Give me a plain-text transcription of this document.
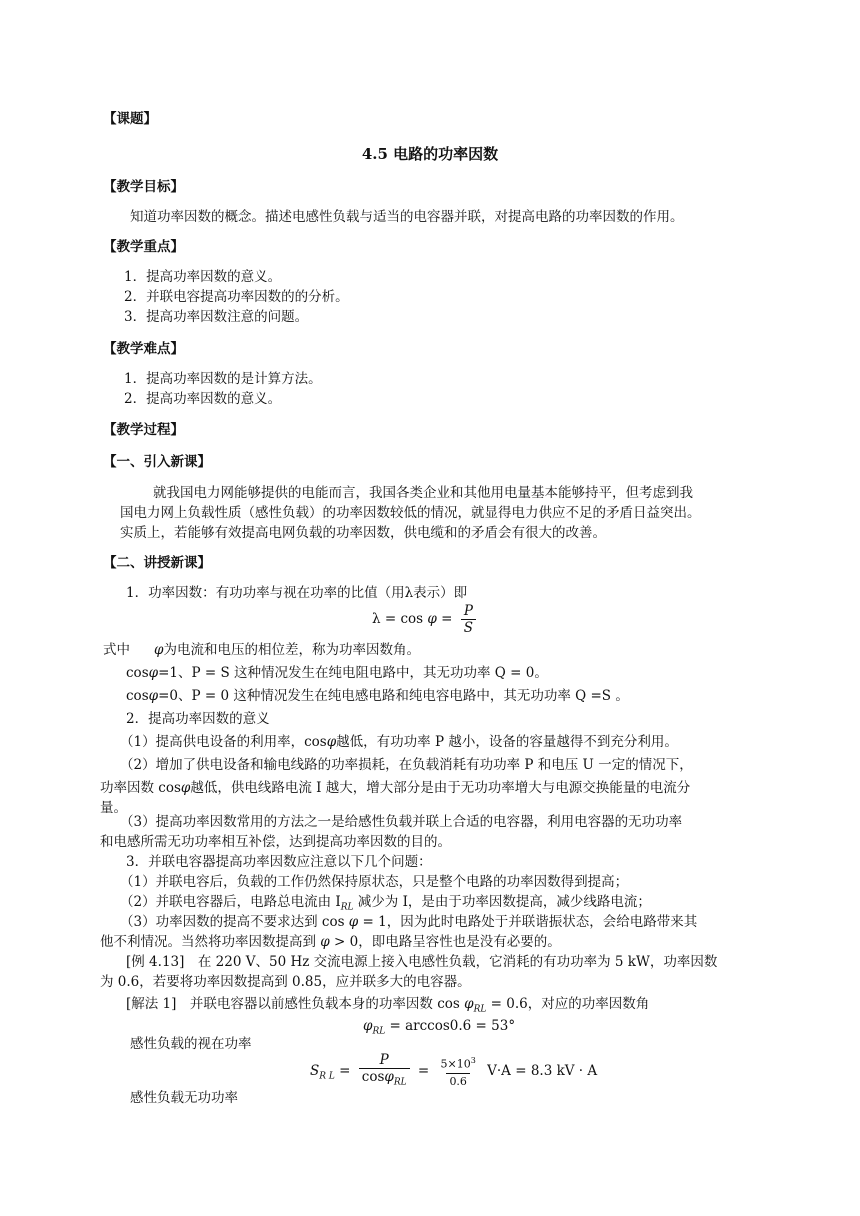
【课题】
4.5 电路的功率因数
【教学目标】
知道功率因数的概念。描述电感性负载与适当的电容器并联，对提高电路的功率因数的作用。
【教学重点】
1．提高功率因数的意义。
2．并联电容提高功率因数的的分析。
3．提高功率因数注意的问题。
【教学难点】
1．提高功率因数的是计算方法。
2．提高功率因数的意义。
【教学过程】
【一、引入新课】
就我国电力网能够提供的电能而言，我国各类企业和其他用电量基本能够持平，但考虑到我
国电力网上负载性质（感性负载）的功率因数较低的情况，就显得电力供应不足的矛盾日益突出。
实质上，若能够有效提高电网负载的功率因数，供电缆和的矛盾会有很大的改善。
【二、讲授新课】
1．功率因数：有功功率与视在功率的比值（用λ表示）即
$\lambda = \cos \varphi = \frac{P}{S}$
式中 φ为电流和电压的相位差，称为功率因数角。
cosφ=1、P = S 这种情况发生在纯电阻电路中，其无功功率 Q = 0。
cosφ=0、P = 0 这种情况发生在纯电感电路和纯电容电路中，其无功功率 Q =S 。
2．提高功率因数的意义
（1）提高供电设备的利用率，cosφ越低，有功功率 P 越小，设备的容量越得不到充分利用。
（2）增加了供电设备和输电线路的功率损耗，在负载消耗有功功率 P 和电压 U 一定的情况下，
功率因数 cosφ越低，供电线路电流 I 越大，增大部分是由于无功功率增大与电源交换能量的电流分
量。
（3）提高功率因数常用的方法之一是给感性负载并联上合适的电容器，利用电容器的无功功率
和电感所需无功功率相互补偿，达到提高功率因数的目的。
3．并联电容器提高功率因数应注意以下几个问题：
（1）并联电容后，负载的工作仍然保持原状态，只是整个电路的功率因数得到提高；
（2）并联电容器后，电路总电流由 $I_{RL}$ 减少为 I，是由于功率因数提高，减少线路电流；
（3）功率因数的提高不要求达到 cos φ = 1，因为此时电路处于并联谐振状态，会给电路带来其
他不利情况。当然将功率因数提高到 φ > 0，即电路呈容性也是没有必要的。
[例 4.13]　在 220 V、50 Hz 交流电源上接入电感性负载，它消耗的有功功率为 5 kW，功率因数
为 0.6，若要将功率因数提高到 0.85，应并联多大的电容器。
[解法 1]　并联电容器以前感性负载本身的功率因数 $\cos \varphi_{RL} = 0.6$，对应的功率因数角
$\varphi_{RL} = \arccos 0.6 = 53^\circ$
感性负载的视在功率
$S_{R L} = \frac{P}{\cos\varphi_{RL}} = \frac{5\times 10^3}{0.6} V\cdot A = 8.3$ kV · A
感性负载无功功率
